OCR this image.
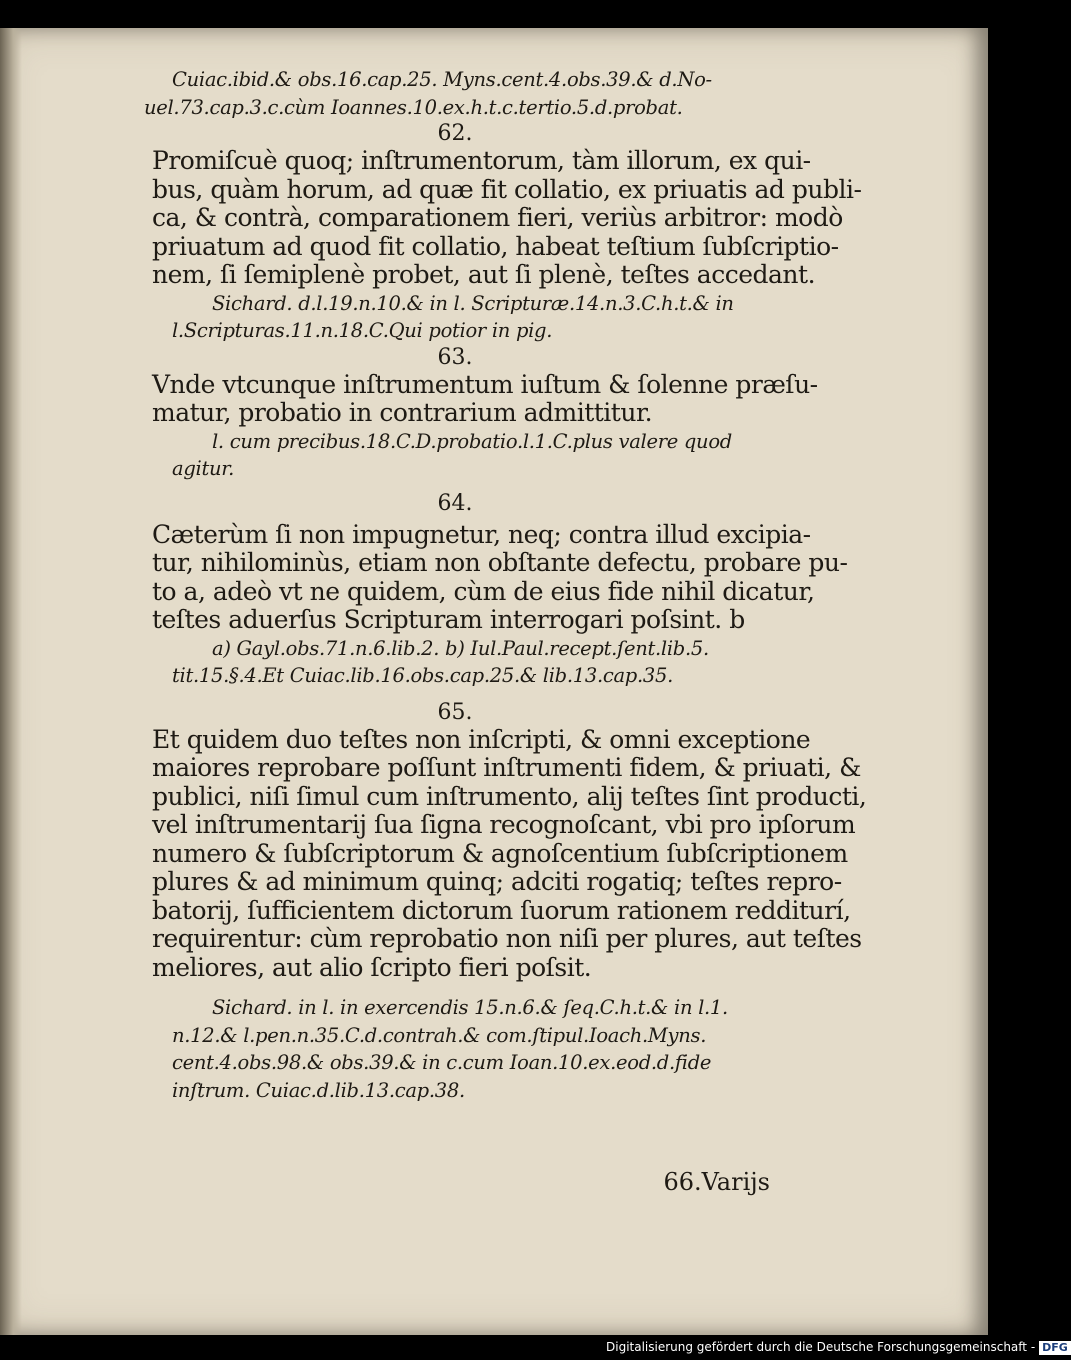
Cuiac.ibid.& obs.16.cap.25. Myns.cent.4.obs.39.& d.No-
uel.73.cap.3.c.cùm Ioannes.10.ex.h.t.c.tertio.5.d.probat.
62.
Promiſcuè quoq; inſtrumentorum, tàm illorum, ex qui-
bus, quàm horum, ad quæ fit collatio, ex priuatis ad publi-
ca, & contrà, comparationem fieri, veriùs arbitror: modò
priuatum ad quod fit collatio, habeat teſtium ſubſcriptio-
nem, ſi ſemiplenè probet, aut ſi plenè, teſtes accedant.
Sichard. d.l.19.n.10.& in l. Scripturæ.14.n.3.C.h.t.& in
l.Scripturas.11.n.18.C.Qui potior in pig.
63.
Vnde vtcunque inſtrumentum iuſtum & ſolenne præſu-
matur, probatio in contrarium admittitur.
l. cum precibus.18.C.D.probatio.l.1.C.plus valere quod
agitur.
64.
Cæterùm ſi non impugnetur, neq; contra illud excipia-
tur, nihilominùs, etiam non obſtante defectu, probare pu-
to a, adeò vt ne quidem, cùm de eius fide nihil dicatur,
teſtes aduerſus Scripturam interrogari poſsint. b
a) Gayl.obs.71.n.6.lib.2. b) Iul.Paul.recept.ſent.lib.5.
tit.15.§.4.Et Cuiac.lib.16.obs.cap.25.& lib.13.cap.35.
65.
Et quidem duo teſtes non inſcripti, & omni exceptione
maiores reprobare poſſunt inſtrumenti fidem, & priuati, &
publici, niſi ſimul cum inſtrumento, alij teſtes ſint producti,
vel inſtrumentarij ſua ſigna recognoſcant, vbi pro ipſorum
numero & ſubſcriptorum & agnoſcentium ſubſcriptionem
plures & ad minimum quinq; adciti rogatiq; teſtes repro-
batorij, ſufficientem dictorum ſuorum rationem redditurí,
requirentur: cùm reprobatio non niſi per plures, aut teſtes
meliores, aut alio ſcripto fieri poſsit.
Sichard. in l. in exercendis 15.n.6.& ſeq.C.h.t.& in l.1.
n.12.& l.pen.n.35.C.d.contrah.& com.ſtipul.Ioach.Myns.
cent.4.obs.98.& obs.39.& in c.cum Ioan.10.ex.eod.d.fide
inſtrum. Cuiac.d.lib.13.cap.38.
66.Varijs
Digitalisierung gefördert durch die Deutsche Forschungsgemeinschaft - DFG
